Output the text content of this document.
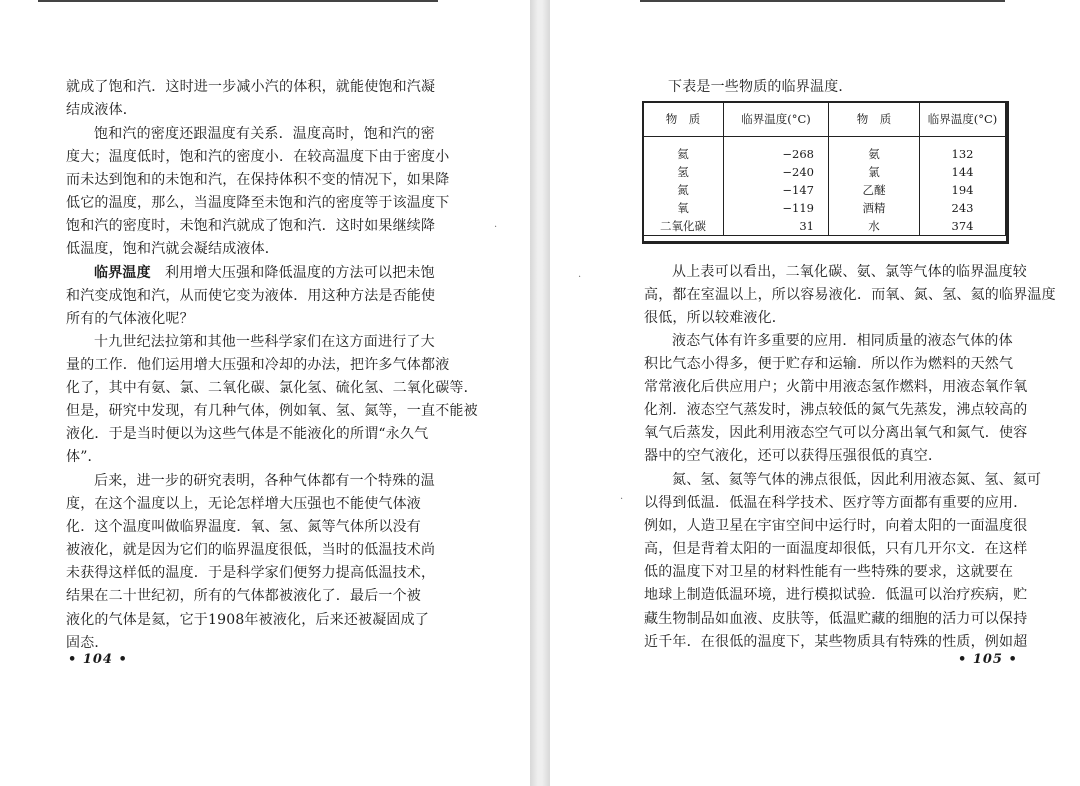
就成了饱和汽．这时进一步减小汽的体积，就能使饱和汽凝
结成液体．
饱和汽的密度还跟温度有关系．温度高时，饱和汽的密
度大；温度低时，饱和汽的密度小．在较高温度下由于密度小
而未达到饱和的未饱和汽，在保持体积不变的情况下，如果降
低它的温度，那么，当温度降至未饱和汽的密度等于该温度下
饱和汽的密度时，未饱和汽就成了饱和汽．这时如果继续降
低温度，饱和汽就会凝结成液体．
临界温度　 利用增大压强和降低温度的方法可以把未饱
和汽变成饱和汽，从而使它变为液体．用这种方法是否能使
所有的气体液化呢？
十九世纪法拉第和其他一些科学家们在这方面进行了大
量的工作．他们运用增大压强和冷却的办法，把许多气体都液
化了，其中有氨、氯、二氧化碳、氯化氢、硫化氢、二氧化碳等．
但是，研究中发现，有几种气体，例如氧、氢、氮等，一直不能被
液化．于是当时便以为这些气体是不能液化的所谓“永久气
体”．
后来，进一步的研究表明，各种气体都有一个特殊的温
度，在这个温度以上，无论怎样增大压强也不能使气体液
化．这个温度叫做临界温度．氧、氢、氮等气体所以没有
被液化，就是因为它们的临界温度很低，当时的低温技术尚
未获得这样低的温度．于是科学家们便努力提高低温技术，
结果在二十世纪初，所有的气体都被液化了．最后一个被
液化的气体是氦，它于1908年被液化，后来还被凝固成了
固态．
• 104 •
下表是一些物质的临界温度．
物　质	临界温度(°C)	物　质	临界温度(°C)
氦	−268	氨	132
氢	−240	氯	144
氮	−147	乙醚	194
氧	−119	酒精	243
二氧化碳	31	水	374
从上表可以看出，二氧化碳、氨、氯等气体的临界温度较
高，都在室温以上，所以容易液化．而氧、氮、氢、氦的临界温度
很低，所以较难液化．
液态气体有许多重要的应用．相同质量的液态气体的体
积比气态小得多，便于贮存和运输．所以作为燃料的天然气
常常液化后供应用户；火箭中用液态氢作燃料，用液态氧作氧
化剂．液态空气蒸发时，沸点较低的氮气先蒸发，沸点较高的
氧气后蒸发，因此利用液态空气可以分离出氧气和氮气．使容
器中的空气液化，还可以获得压强很低的真空．
氮、氢、氦等气体的沸点很低，因此利用液态氮、氢、氦可
以得到低温．低温在科学技术、医疗等方面都有重要的应用．
例如，人造卫星在宇宙空间中运行时，向着太阳的一面温度很
高，但是背着太阳的一面温度却很低，只有几开尔文．在这样
低的温度下对卫星的材料性能有一些特殊的要求，这就要在
地球上制造低温环境，进行模拟试验．低温可以治疗疾病，贮
藏生物制品如血液、皮肤等，低温贮藏的细胞的活力可以保持
近千年．在很低的温度下，某些物质具有特殊的性质，例如超
• 105 •
·
·
·
